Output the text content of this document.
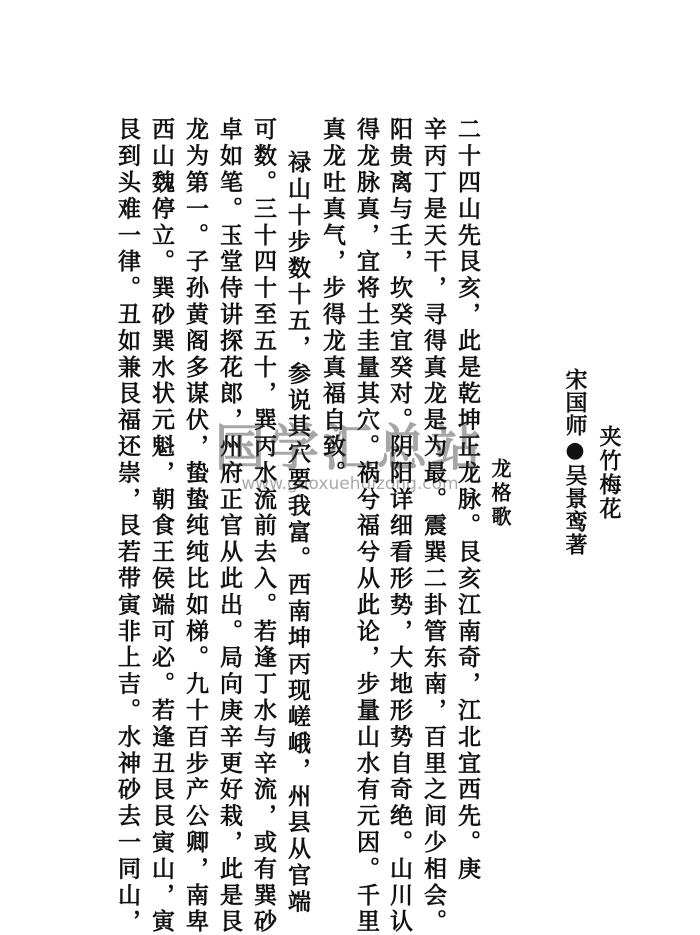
夹竹梅花
宋国师●吴景鸾著
龙格歌
二十四山先艮亥，此是乾坤正龙脉。艮亥江南奇，江北宜西先。庚
辛丙丁是天干，寻得真龙是为最。震巽二卦管东南，百里之间少相会。
阳贵离与壬，坎癸宜癸对。阴阳详细看形势，大地形势自奇绝。山川认
得龙脉真，宜将土圭量其穴。祸兮福兮从此论，步量山水有元因。千里
真龙吐真气，步得龙真福自致。
禄山十步数十五，参说其穴要我富。西南坤丙现嵯峨，州县从官端
可数。三十四十至五十，巽丙水流前去入。若逢丁水与辛流，或有巽砂
卓如笔。玉堂侍讲探花郎，州府正官从此出。局向庚辛更好栽，此是艮
龙为第一。子孙黄阁多谋伏，蛰蛰纯纯比如梯。九十百步产公卿，南卑
西山魏停立。巽砂巽水状元魁，朝食王侯端可必。若逢丑艮艮寅山，寅
艮到头难一律。丑如兼艮福还崇，艮若带寅非上吉。水神砂去一同山， 国学汇总站
www.guoxuehuizong.com
